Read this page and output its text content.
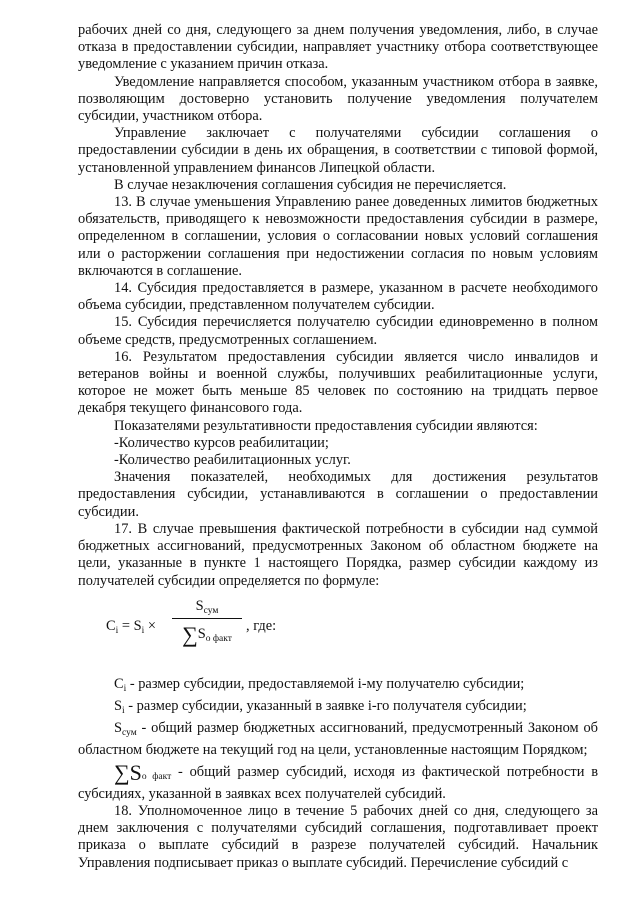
рабочих дней со дня, следующего за днем получения уведомления, либо, в случае отказа в предоставлении субсидии, направляет участнику отбора соответствующее уведомление с указанием причин отказа.

Уведомление направляется способом, указанным участником отбора в заявке, позволяющим достоверно установить получение уведомления получателем субсидии, участником отбора.

Управление заключает с получателями субсидии соглашения о предоставлении субсидии в день их обращения, в соответствии с типовой формой, установленной управлением финансов Липецкой области.

В случае незаключения соглашения субсидия не перечисляется.

13. В случае уменьшения Управлению ранее доведенных лимитов бюджетных обязательств, приводящего к невозможности предоставления субсидии в размере, определенном в соглашении, условия о согласовании новых условий соглашения или о расторжении соглашения при недостижении согласия по новым условиям включаются в соглашение.

14. Субсидия предоставляется в размере, указанном в расчете необходимого объема субсидии, представленном получателем субсидии.

15. Субсидия перечисляется получателю субсидии единовременно в полном объеме средств, предусмотренных соглашением.

16. Результатом предоставления субсидии является число инвалидов и ветеранов войны и военной службы, получивших реабилитационные услуги, которое не может быть меньше 85 человек по состоянию на тридцать первое декабря текущего финансового года.

Показателями результативности предоставления субсидии являются:

-Количество курсов реабилитации;

-Количество реабилитационных услуг.

Значения показателей, необходимых для достижения результатов предоставления субсидии, устанавливаются в соглашении о предоставлении субсидии.

17. В случае превышения фактической потребности в субсидии над суммой бюджетных ассигнований, предусмотренных Законом об областном бюджете на цели, указанные в пункте 1 настоящего Порядка, размер субсидии каждому из получателей субсидии определяется по формуле:

$C_i = S_i$ ×
$S_{сум}$
$\sum S_{о факт}$
, где:

$C_i$ - размер субсидии, предоставляемой i-му получателю субсидии;

$S_i$ - размер субсидии, указанный в заявке i-го получателя субсидии;

$S_{сум}$ - общий размер бюджетных ассигнований, предусмотренный Законом об областном бюджете на текущий год на цели, установленные настоящим Порядком;

$\sum S_{о факт}$ - общий размер субсидий, исходя из фактической потребности в субсидиях, указанной в заявках всех получателей субсидий.

18. Уполномоченное лицо в течение 5 рабочих дней со дня, следующего за днем заключения с получателями субсидий соглашения, подготавливает проект приказа о выплате субсидий в разрезе получателей субсидий. Начальник Управления подписывает приказ о выплате субсидий. Перечисление субсидий с
